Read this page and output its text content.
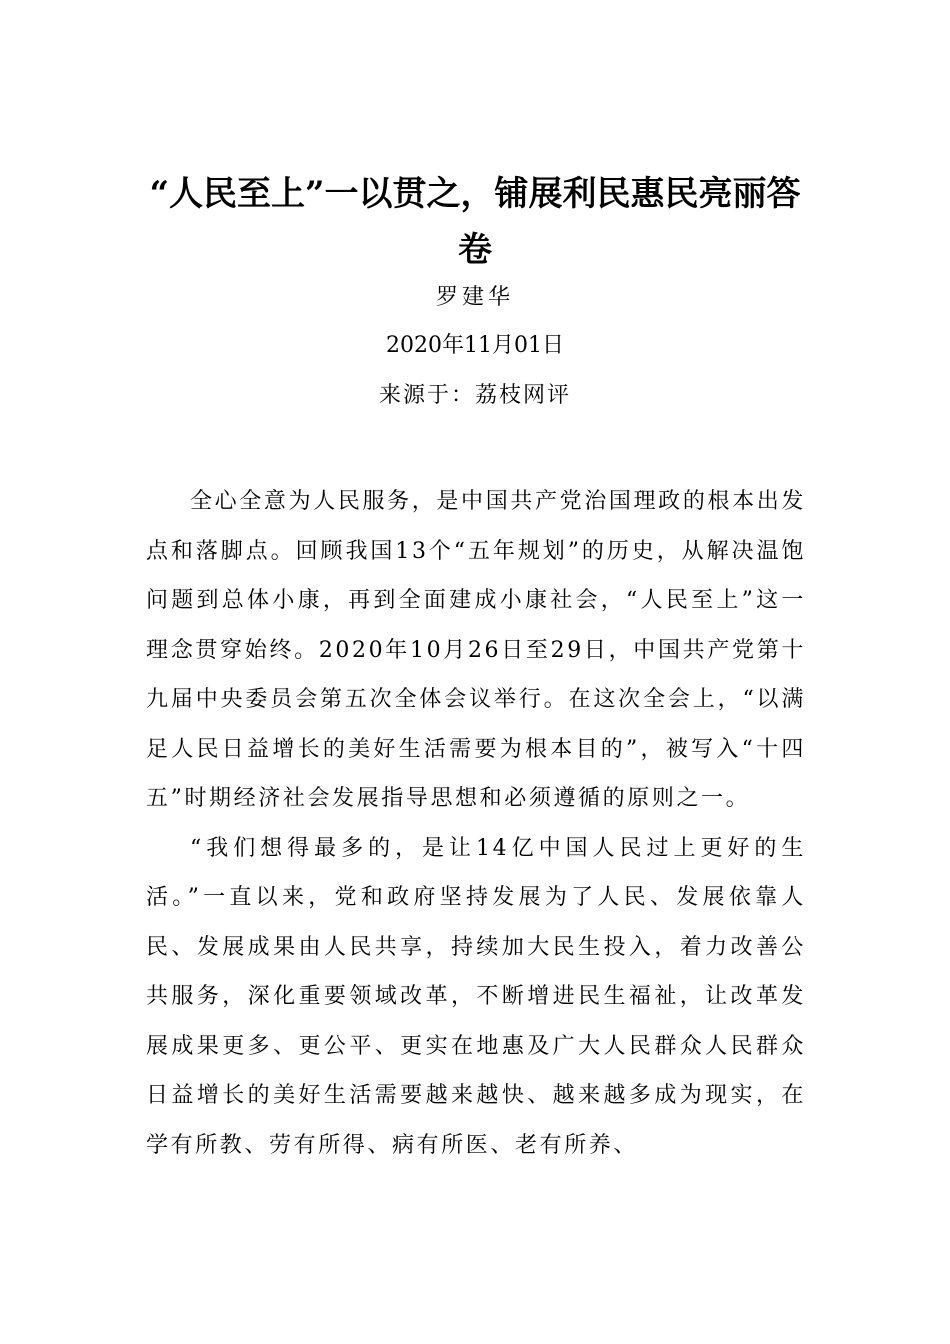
“人民至上”一以贯之，铺展利民惠民亮丽答卷

罗建华

2020年11月01日

来源于：荔枝网评

全心全意为人民服务，是中国共产党治国理政的根本出发点和落脚点。回顾我国13个“五年规划”的历史，从解决温饱问题到总体小康，再到全面建成小康社会，“人民至上”这一理念贯穿始终。2020年10月26日至29日，中国共产党第十九届中央委员会第五次全体会议举行。在这次全会上，“以满足人民日益增长的美好生活需要为根本目的”，被写入“十四五”时期经济社会发展指导思想和必须遵循的原则之一。

“我们想得最多的，是让14亿中国人民过上更好的生活。”一直以来，党和政府坚持发展为了人民、发展依靠人民、发展成果由人民共享，持续加大民生投入，着力改善公共服务，深化重要领域改革，不断增进民生福祉，让改革发展成果更多、更公平、更实在地惠及广大人民群众人民群众日益增长的美好生活需要越来越快、越来越多成为现实，在学有所教、劳有所得、病有所医、老有所养、
